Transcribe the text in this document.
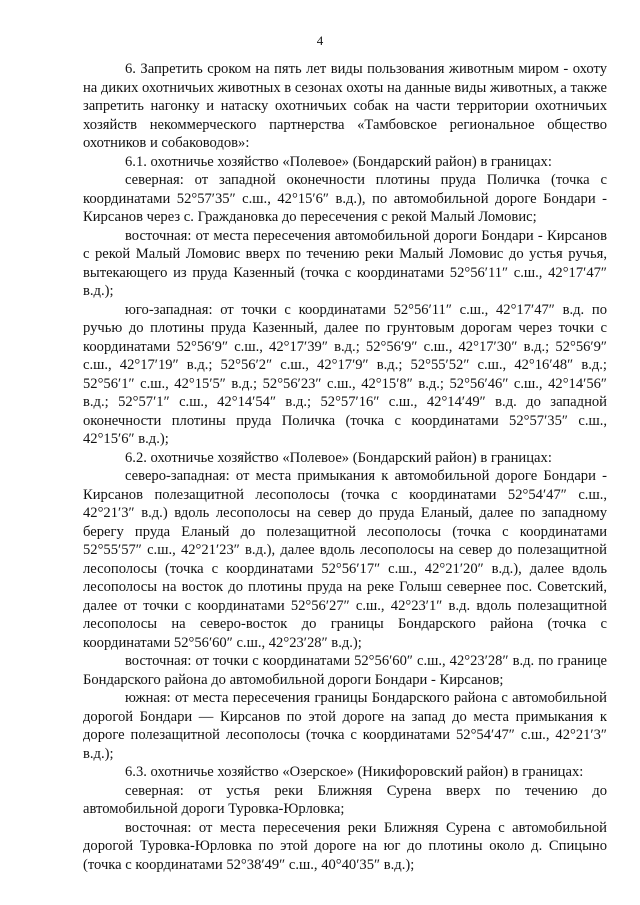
4

6. Запретить сроком на пять лет виды пользования животным миром - охоту на диких охотничьих животных в сезонах охоты на данные виды животных, а также запретить нагонку и натаску охотничьих собак на части территории охотничьих хозяйств некоммерческого партнерства «Тамбовское региональное общество охотников и собаководов»:

6.1. охотничье хозяйство «Полевое» (Бондарский район) в границах:

северная: от западной оконечности плотины пруда Поличка (точка с координатами 52°57′35″ с.ш., 42°15′6″ в.д.), по автомобильной дороге Бондари - Кирсанов через с. Граждановка до пересечения с рекой Малый Ломовис;

восточная: от места пересечения автомобильной дороги Бондари - Кирсанов с рекой Малый Ломовис вверх по течению реки Малый Ломовис до устья ручья, вытекающего из пруда Казенный (точка с координатами 52°56′11″ с.ш., 42°17′47″ в.д.);

юго-западная: от точки с координатами 52°56′11″ с.ш., 42°17′47″ в.д. по ручью до плотины пруда Казенный, далее по грунтовым дорогам через точки с координатами 52°56′9″ с.ш., 42°17′39″ в.д.; 52°56′9″ с.ш., 42°17′30″ в.д.; 52°56′9″ с.ш., 42°17′19″ в.д.; 52°56′2″ с.ш., 42°17′9″ в.д.; 52°55′52″ с.ш., 42°16′48″ в.д.; 52°56′1″ с.ш., 42°15′5″ в.д.; 52°56′23″ с.ш., 42°15′8″ в.д.; 52°56′46″ с.ш., 42°14′56″ в.д.; 52°57′1″ с.ш., 42°14′54″ в.д.; 52°57′16″ с.ш., 42°14′49″ в.д. до западной оконечности плотины пруда Поличка (точка с координатами 52°57′35″ с.ш., 42°15′6″ в.д.);

6.2. охотничье хозяйство «Полевое» (Бондарский район) в границах:

северо-западная: от места примыкания к автомобильной дороге Бондари - Кирсанов полезащитной лесополосы (точка с координатами 52°54′47″ с.ш., 42°21′3″ в.д.) вдоль лесополосы на север до пруда Еланый, далее по западному берегу пруда Еланый до полезащитной лесополосы (точка с координатами 52°55′57″ с.ш., 42°21′23″ в.д.), далее вдоль лесополосы на север до полезащитной лесополосы (точка с координатами 52°56′17″ с.ш., 42°21′20″ в.д.), далее вдоль лесополосы на восток до плотины пруда на реке Голыш севернее пос. Советский, далее от точки с координатами 52°56′27″ с.ш., 42°23′1″ в.д. вдоль полезащитной лесополосы на северо-восток до границы Бондарского района (точка с координатами 52°56′60″ с.ш., 42°23′28″ в.д.);

восточная: от точки с координатами 52°56′60″ с.ш., 42°23′28″ в.д. по границе Бондарского района до автомобильной дороги Бондари - Кирсанов;

южная: от места пересечения границы Бондарского района с автомобильной дорогой Бондари — Кирсанов по этой дороге на запад до места примыкания к дороге полезащитной лесополосы (точка с координатами 52°54′47″ с.ш., 42°21′3″ в.д.);

6.3. охотничье хозяйство «Озерское» (Никифоровский район) в границах:

северная: от устья реки Ближняя Сурена вверх по течению до автомобильной дороги Туровка-Юрловка;

восточная: от места пересечения реки Ближняя Сурена с автомобильной дорогой Туровка-Юрловка по этой дороге на юг до плотины около д. Спицыно (точка с координатами 52°38′49″ с.ш., 40°40′35″ в.д.);
